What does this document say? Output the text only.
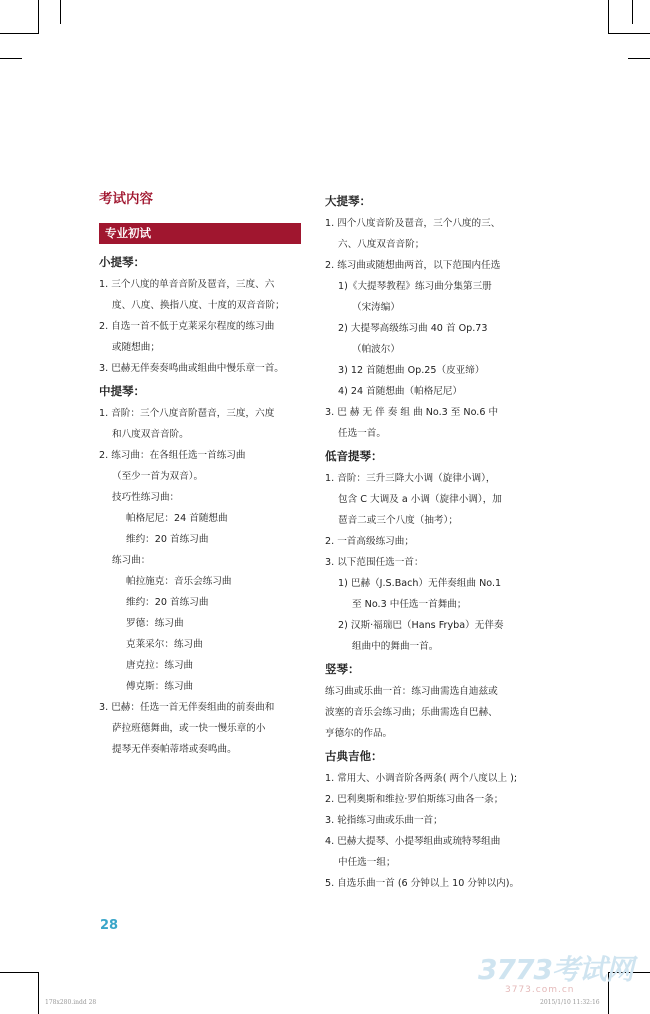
考试内容
专业初试
小提琴：
1. 三个八度的单音音阶及琶音，三度、六
度、八度、换指八度、十度的双音音阶；
2. 自选一首不低于克莱采尔程度的练习曲
或随想曲；
3. 巴赫无伴奏奏鸣曲或组曲中慢乐章一首。
中提琴：
1. 音阶：三个八度音阶琶音，三度，六度
和八度双音音阶。
2. 练习曲：在各组任选一首练习曲
（至少一首为双音）。
技巧性练习曲：
帕格尼尼：24 首随想曲
维约：20 首练习曲
练习曲：
帕拉施克：音乐会练习曲
维约：20 首练习曲
罗德：练习曲
克莱采尔：练习曲
唐克拉：练习曲
傅克斯：练习曲
3. 巴赫：任选一首无伴奏组曲的前奏曲和
萨拉班德舞曲，或一快一慢乐章的小
提琴无伴奏帕蒂塔或奏鸣曲。
大提琴：
1. 四个八度音阶及琶音，三个八度的三、
六、八度双音音阶；
2. 练习曲或随想曲两首，以下范围内任选
1)《大提琴教程》练习曲分集第三册
（宋涛编）
2) 大提琴高级练习曲 40 首 Op.73
（帕波尔）
3) 12 首随想曲 Op.25（皮亚缔）
4) 24 首随想曲（帕格尼尼）
3. 巴 赫 无 伴 奏 组 曲 No.3 至 No.6 中
任选一首。
低音提琴：
1. 音阶：三升三降大小调（旋律小调），
包含 C 大调及 a 小调（旋律小调），加
琶音二或三个八度（抽考）；
2. 一首高级练习曲；
3. 以下范围任选一首：
1) 巴赫（J.S.Bach）无伴奏组曲 No.1
至 No.3 中任选一首舞曲；
2) 汉斯·福瑞巴（Hans Fryba）无伴奏
组曲中的舞曲一首。
竖琴：
练习曲或乐曲一首：练习曲需选自迪兹或
波塞的音乐会练习曲；乐曲需选自巴赫、
亨德尔的作品。
古典吉他：
1. 常用大、小调音阶各两条( 两个八度以上 );
2. 巴利奥斯和维拉·罗伯斯练习曲各一条；
3. 轮指练习曲或乐曲一首；
4. 巴赫大提琴、小提琴组曲或琉特琴组曲
中任选一组；
5. 自选乐曲一首 (6 分钟以上 10 分钟以内)。
28
3773考试网
3773.com.cn
178x280.indd 28	2015/1/10 11:32:16
